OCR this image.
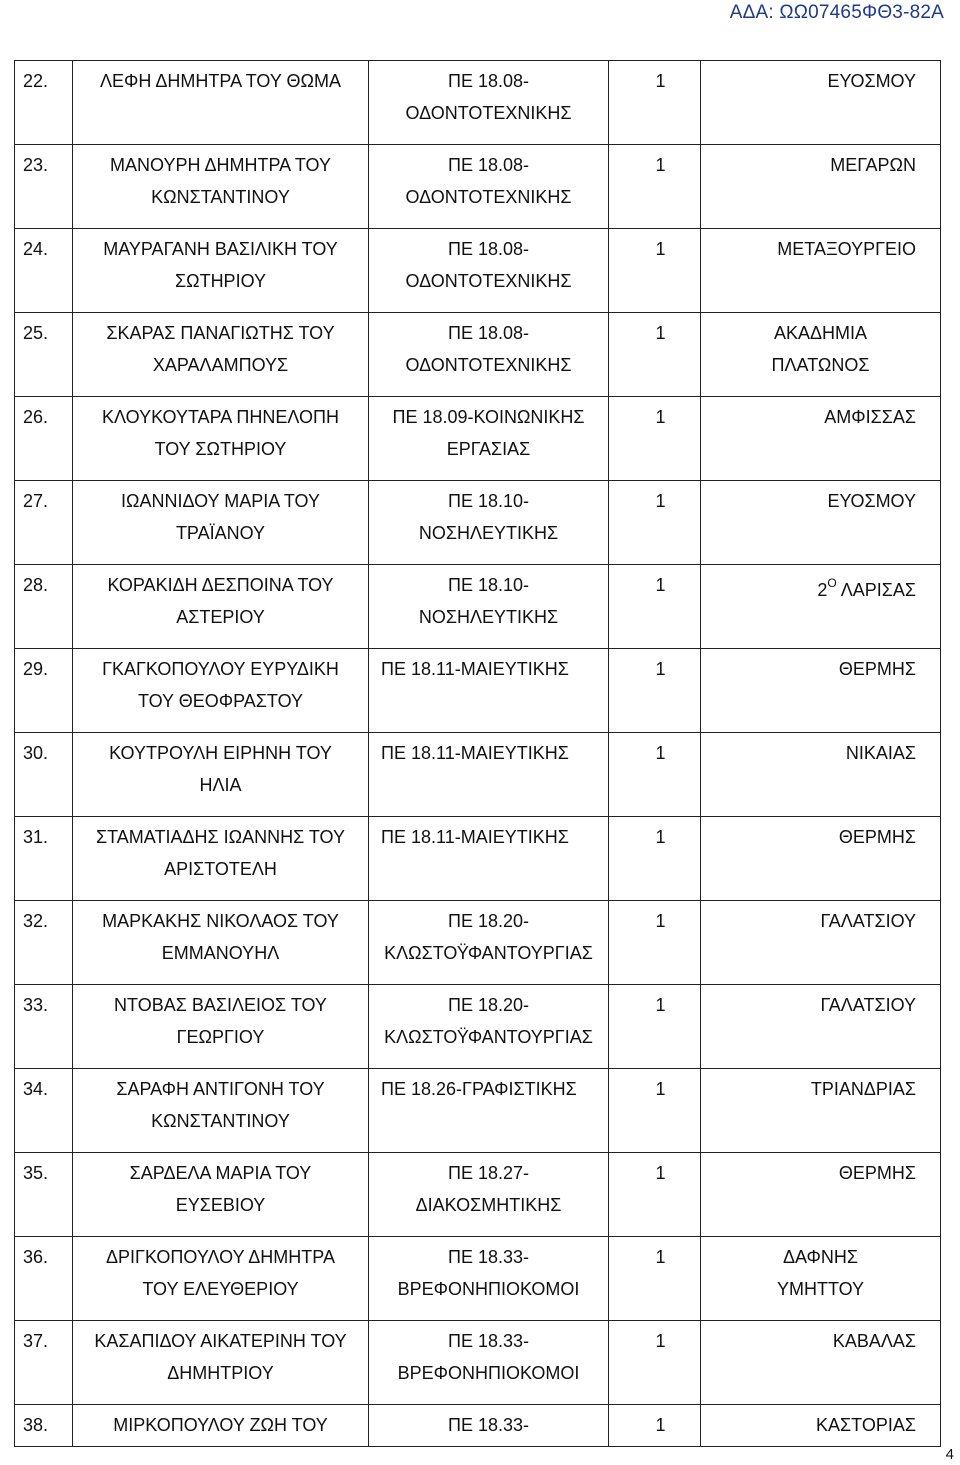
ΑΔΑ: ΩΩ07465ΦΘ3-82Α
22.	ΛΕΦΗ ΔΗΜΗΤΡΑ ΤΟΥ ΘΩΜΑ	ΠΕ 18.08-
ΟΔΟΝΤΟΤΕΧΝΙΚΗΣ	1	ΕΥΟΣΜΟΥ

23.	ΜΑΝΟΥΡΗ ΔΗΜΗΤΡΑ ΤΟΥ
ΚΩΝΣΤΑΝΤΙΝΟΥ	ΠΕ 18.08-
ΟΔΟΝΤΟΤΕΧΝΙΚΗΣ	1	ΜΕΓΑΡΩΝ

24.	ΜΑΥΡΑΓΑΝΗ ΒΑΣΙΛΙΚΗ ΤΟΥ
ΣΩΤΗΡΙΟΥ	ΠΕ 18.08-
ΟΔΟΝΤΟΤΕΧΝΙΚΗΣ	1	ΜΕΤΑΞΟΥΡΓΕΙΟ

25.	ΣΚΑΡΑΣ ΠΑΝΑΓΙΩΤΗΣ ΤΟΥ
ΧΑΡΑΛΑΜΠΟΥΣ	ΠΕ 18.08-
ΟΔΟΝΤΟΤΕΧΝΙΚΗΣ	1	ΑΚΑΔΗΜΙΑ
ΠΛΑΤΩΝΟΣ

26.	ΚΛΟΥΚΟΥΤΑΡΑ ΠΗΝΕΛΟΠΗ
ΤΟΥ ΣΩΤΗΡΙΟΥ	ΠΕ 18.09-ΚΟΙΝΩΝΙΚΗΣ
ΕΡΓΑΣΙΑΣ	1	ΑΜΦΙΣΣΑΣ

27.	ΙΩΑΝΝΙΔΟΥ ΜΑΡΙΑ ΤΟΥ
ΤΡΑΪΑΝΟΥ	ΠΕ 18.10-
ΝΟΣΗΛΕΥΤΙΚΗΣ	1	ΕΥΟΣΜΟΥ

28.	ΚΟΡΑΚΙΔΗ ΔΕΣΠΟΙΝΑ ΤΟΥ
ΑΣΤΕΡΙΟΥ	ΠΕ 18.10-
ΝΟΣΗΛΕΥΤΙΚΗΣ	1	$2^O$ ΛΑΡΙΣΑΣ
29.	ΓΚΑΓΚΟΠΟΥΛΟΥ ΕΥΡΥΔΙΚΗ
ΤΟΥ ΘΕΟΦΡΑΣΤΟΥ	ΠΕ 18.11-ΜΑΙΕΥΤΙΚΗΣ	1	ΘΕΡΜΗΣ

30.	ΚΟΥΤΡΟΥΛΗ ΕΙΡΗΝΗ ΤΟΥ
ΗΛΙΑ	ΠΕ 18.11-ΜΑΙΕΥΤΙΚΗΣ	1	ΝΙΚΑΙΑΣ

31.	ΣΤΑΜΑΤΙΑΔΗΣ ΙΩΑΝΝΗΣ ΤΟΥ
ΑΡΙΣΤΟΤΕΛΗ	ΠΕ 18.11-ΜΑΙΕΥΤΙΚΗΣ	1	ΘΕΡΜΗΣ

32.	ΜΑΡΚΑΚΗΣ ΝΙΚΟΛΑΟΣ ΤΟΥ
ΕΜΜΑΝΟΥΗΛ	ΠΕ 18.20-
ΚΛΩΣΤΟΫΦΑΝΤΟΥΡΓΙΑΣ	1	ΓΑΛΑΤΣΙΟΥ

33.	ΝΤΟΒΑΣ ΒΑΣΙΛΕΙΟΣ ΤΟΥ
ΓΕΩΡΓΙΟΥ	ΠΕ 18.20-
ΚΛΩΣΤΟΫΦΑΝΤΟΥΡΓΙΑΣ	1	ΓΑΛΑΤΣΙΟΥ

34.	ΣΑΡΑΦΗ ΑΝΤΙΓΟΝΗ ΤΟΥ
ΚΩΝΣΤΑΝΤΙΝΟΥ	ΠΕ 18.26-ΓΡΑΦΙΣΤΙΚΗΣ	1	ΤΡΙΑΝΔΡΙΑΣ

35.	ΣΑΡΔΕΛΑ ΜΑΡΙΑ ΤΟΥ
ΕΥΣΕΒΙΟΥ	ΠΕ 18.27-
ΔΙΑΚΟΣΜΗΤΙΚΗΣ	1	ΘΕΡΜΗΣ

36.	ΔΡΙΓΚΟΠΟΥΛΟΥ ΔΗΜΗΤΡΑ
ΤΟΥ ΕΛΕΥΘΕΡΙΟΥ	ΠΕ 18.33-
ΒΡΕΦΟΝΗΠΙΟΚΟΜΟΙ	1	ΔΑΦΝΗΣ
ΥΜΗΤΤΟΥ

37.	ΚΑΣΑΠΙΔΟΥ ΑΙΚΑΤΕΡΙΝΗ ΤΟΥ
ΔΗΜΗΤΡΙΟΥ	ΠΕ 18.33-
ΒΡΕΦΟΝΗΠΙΟΚΟΜΟΙ	1	ΚΑΒΑΛΑΣ

38.	ΜΙΡΚΟΠΟΥΛΟΥ ΖΩΗ ΤΟΥ	ΠΕ 18.33-	1	ΚΑΣΤΟΡΙΑΣ
4
